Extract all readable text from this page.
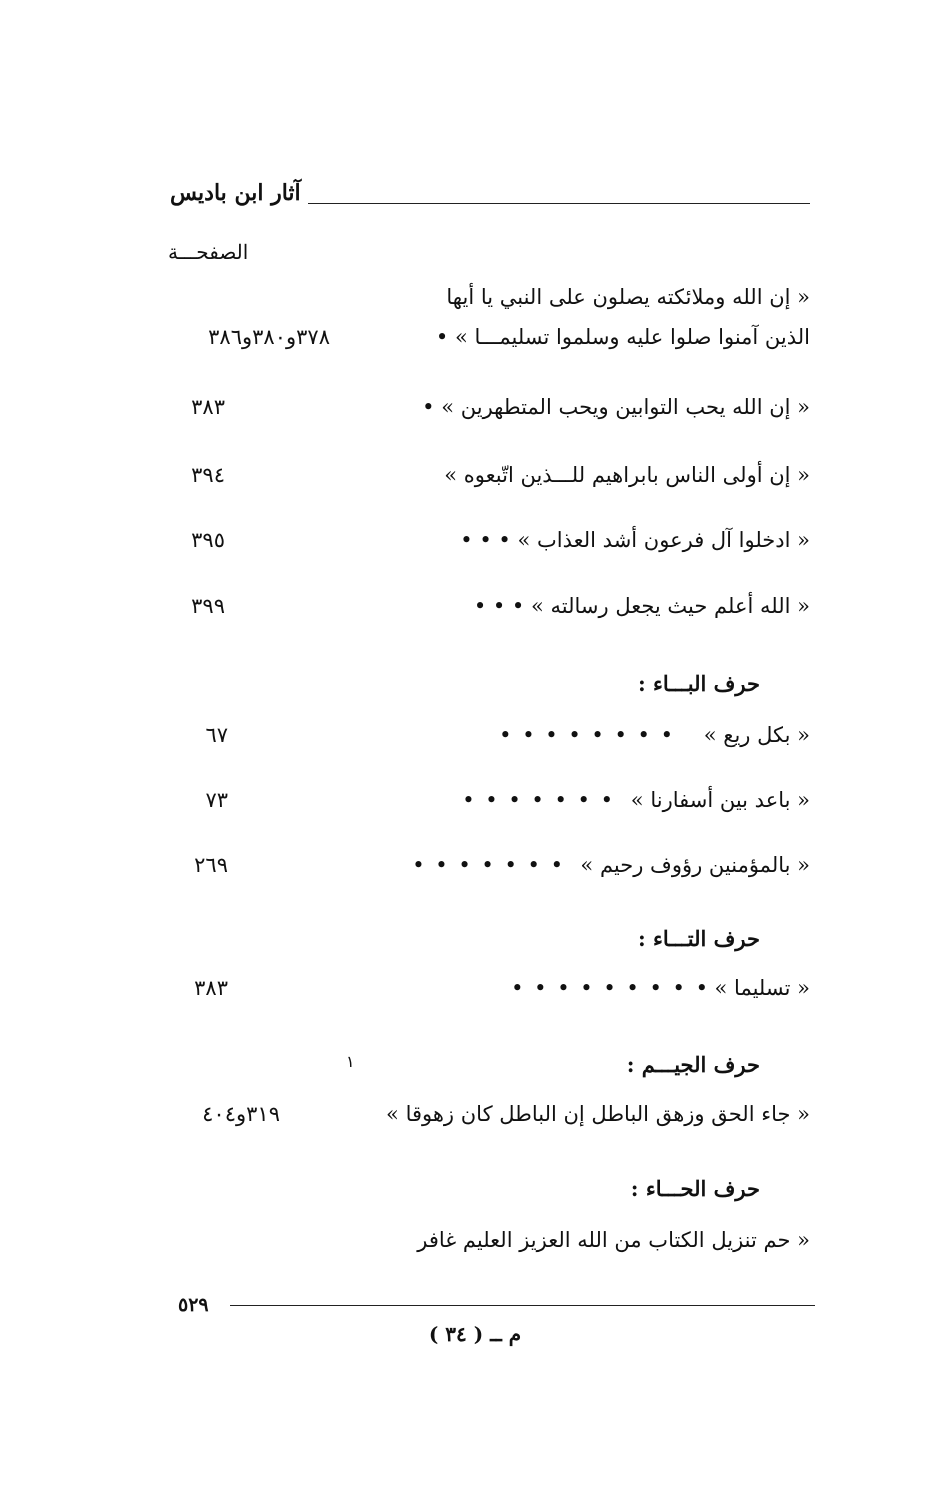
آثار ابن باديس
الصفحـــة
« إن الله وملائكته يصلون على النبي يا أيها
الذين آمنوا صلوا عليه وسلموا تسليمـــا » •
٣٧٨و٣٨٠و٣٨٦
« إن الله يحب التوابين ويحب المتطهرين » •
٣٨٣
« إن أولى الناس بابراهيم للـــذين اتّبعوه »
٣٩٤
« ادخلوا آل فرعون أشد العذاب » • • •
٣٩٥
« الله أعلم حيث يجعل رسالته » • • •
٣٩٩
حرف البـــاء :
« بكل ريع »
• • • • • • • •
٦٧
« باعد بين أسفارنا »
• • • • • • •
٧٣
« بالمؤمنين رؤوف رحيم »
• • • • • • •
٢٦٩
حرف التـــاء :
« تسليما »
• • • • • • • • •
٣٨٣
حرف الجيـــم :
١
« جاء الحق وزهق الباطل إن الباطل كان زهوقا »
٣١٩و٤٠٤
حرف الحـــاء :
« حم تنزيل الكتاب من الله العزيز العليم غافر
٥٢٩
م ــ ( ٣٤ )
